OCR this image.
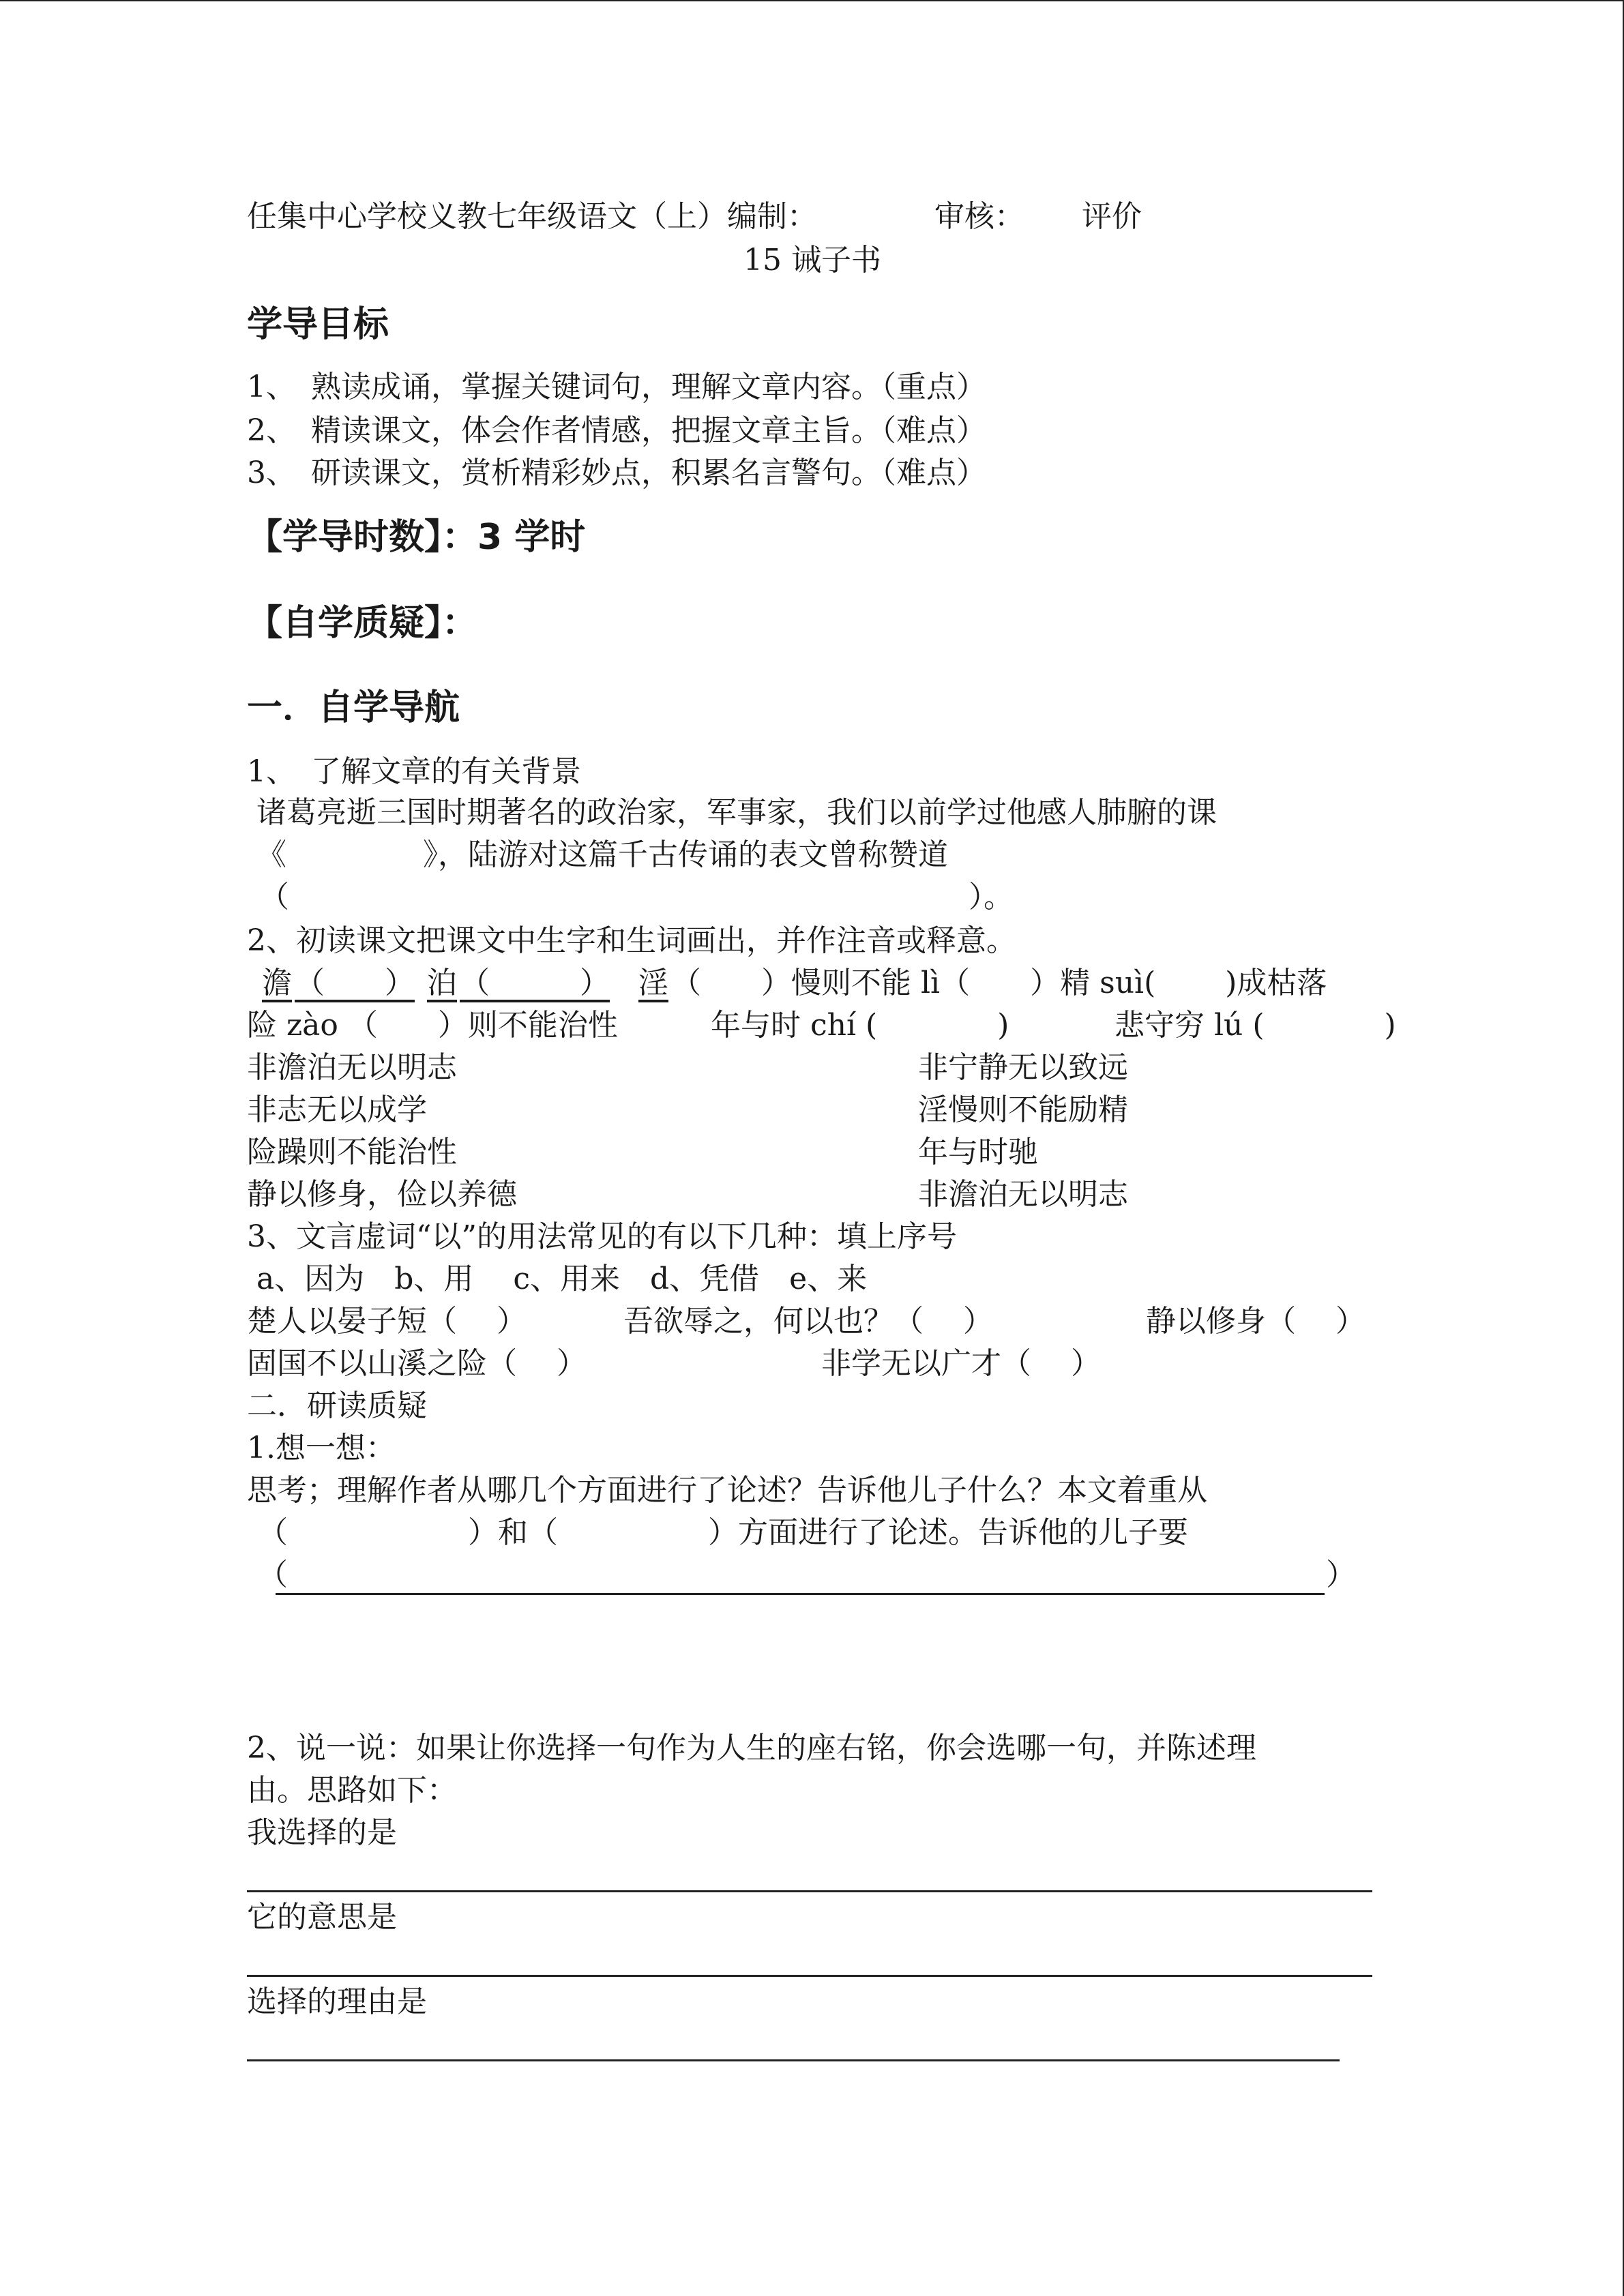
任集中心学校义教七年级语文（上）编制：	审核： 评价
15 诫子书
学导目标
1、　熟读成诵，掌握关键词句，理解文章内容。（重点）
2、　精读课文，体会作者情感，把握文章主旨。（难点）
3、　研读课文，赏析精彩妙点，积累名言警句。（难点）
【学导时数】：3 学时
【自学质疑】：
一．自学导航
1、　了解文章的有关背景
诸葛亮逝三国时期著名的政治家，军事家，我们以前学过他感人肺腑的课
《	》，陆游对这篇千古传诵的表文曾称赞道
（	）。
2、初读课文把课文中生字和生词画出，并作注音或释意。
澹 （　　） 泊 （　　　） 淫 （　　）慢则不能 lì（　　）精 suì(　　 )成枯落
险 zào （　　）则不能治性	年与时 chí (　　　　)	悲守穷 lú (　　　　)
非澹泊无以明志	非宁静无以致远
非志无以成学	淫慢则不能励精
险躁则不能治性	年与时驰
静以修身，俭以养德	非澹泊无以明志
3、文言虚词“以”的用法常见的有以下几种：填上序号
a、因为　b、用　 c、用来　d、凭借　e、来
楚人以晏子短（　 ）	吾欲辱之，何以也？（　 ）	静以修身（　 ）
固国不以山溪之险（　 ）	非学无以广才（　 ）
二．研读质疑
1.想一想：
思考；理解作者从哪几个方面进行了论述？告诉他儿子什么？本文着重从
（　　　　　　）和（　　　　　）方面进行了论述。告诉他的儿子要
（	）
2、说一说：如果让你选择一句作为人生的座右铭，你会选哪一句，并陈述理
由。思路如下：
我选择的是
它的意思是
选择的理由是
